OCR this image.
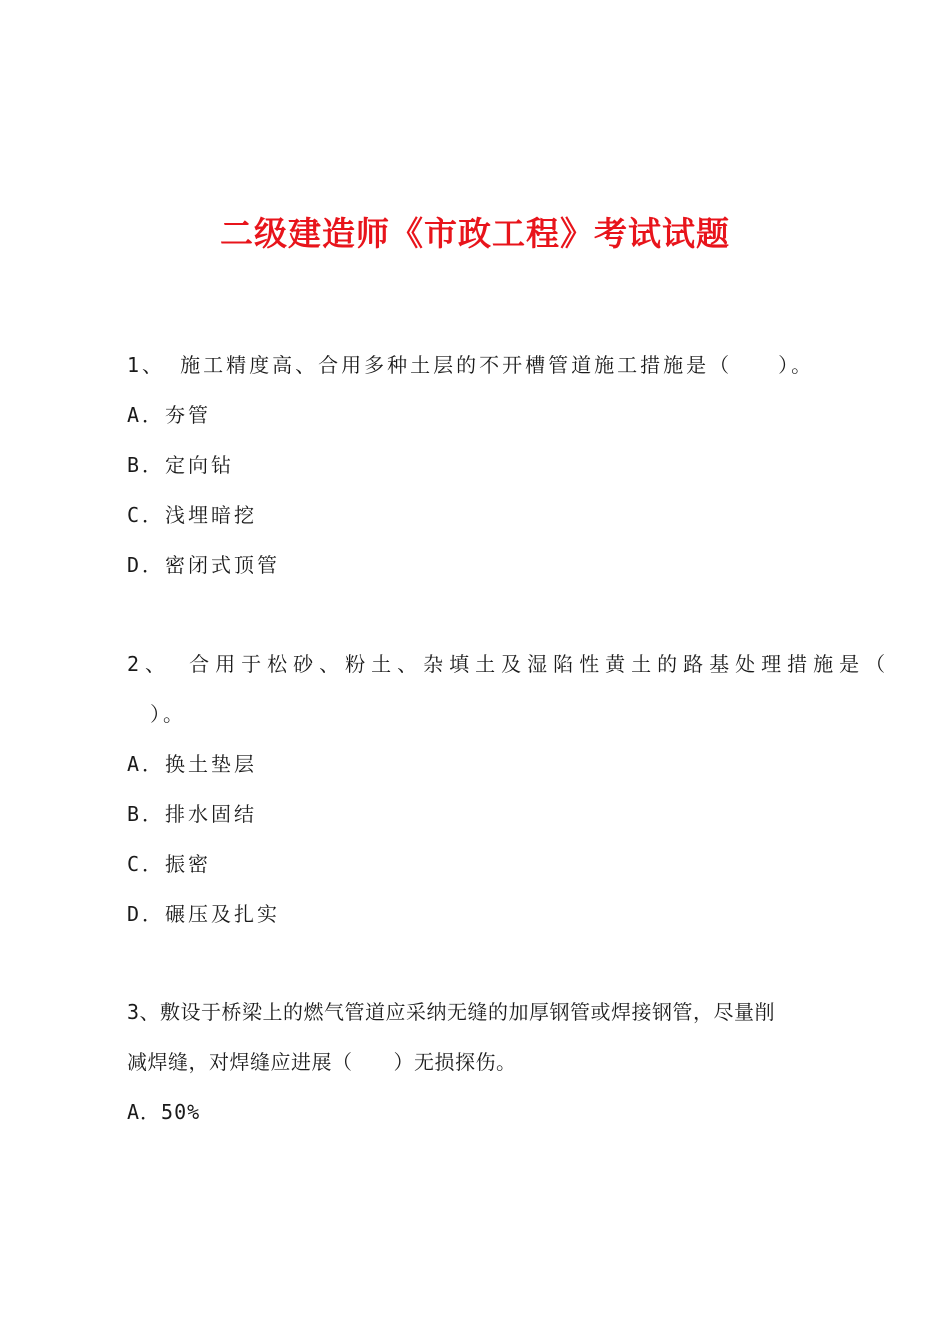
二级建造师《市政工程》考试试题
1、 施工精度高、合用多种土层的不开槽管道施工措施是（　　）。
A．夯管
B．定向钻
C．浅埋暗挖
D．密闭式顶管
2、 合用于松砂、粉土、杂填土及湿陷性黄土的路基处理措施是（
）。
A．换土垫层
B．排水固结
C．振密
D．碾压及扎实
3、敷设于桥梁上的燃气管道应采纳无缝的加厚钢管或焊接钢管，尽量削
减焊缝，对焊缝应进展（　　）无损探伤。
A．50%
